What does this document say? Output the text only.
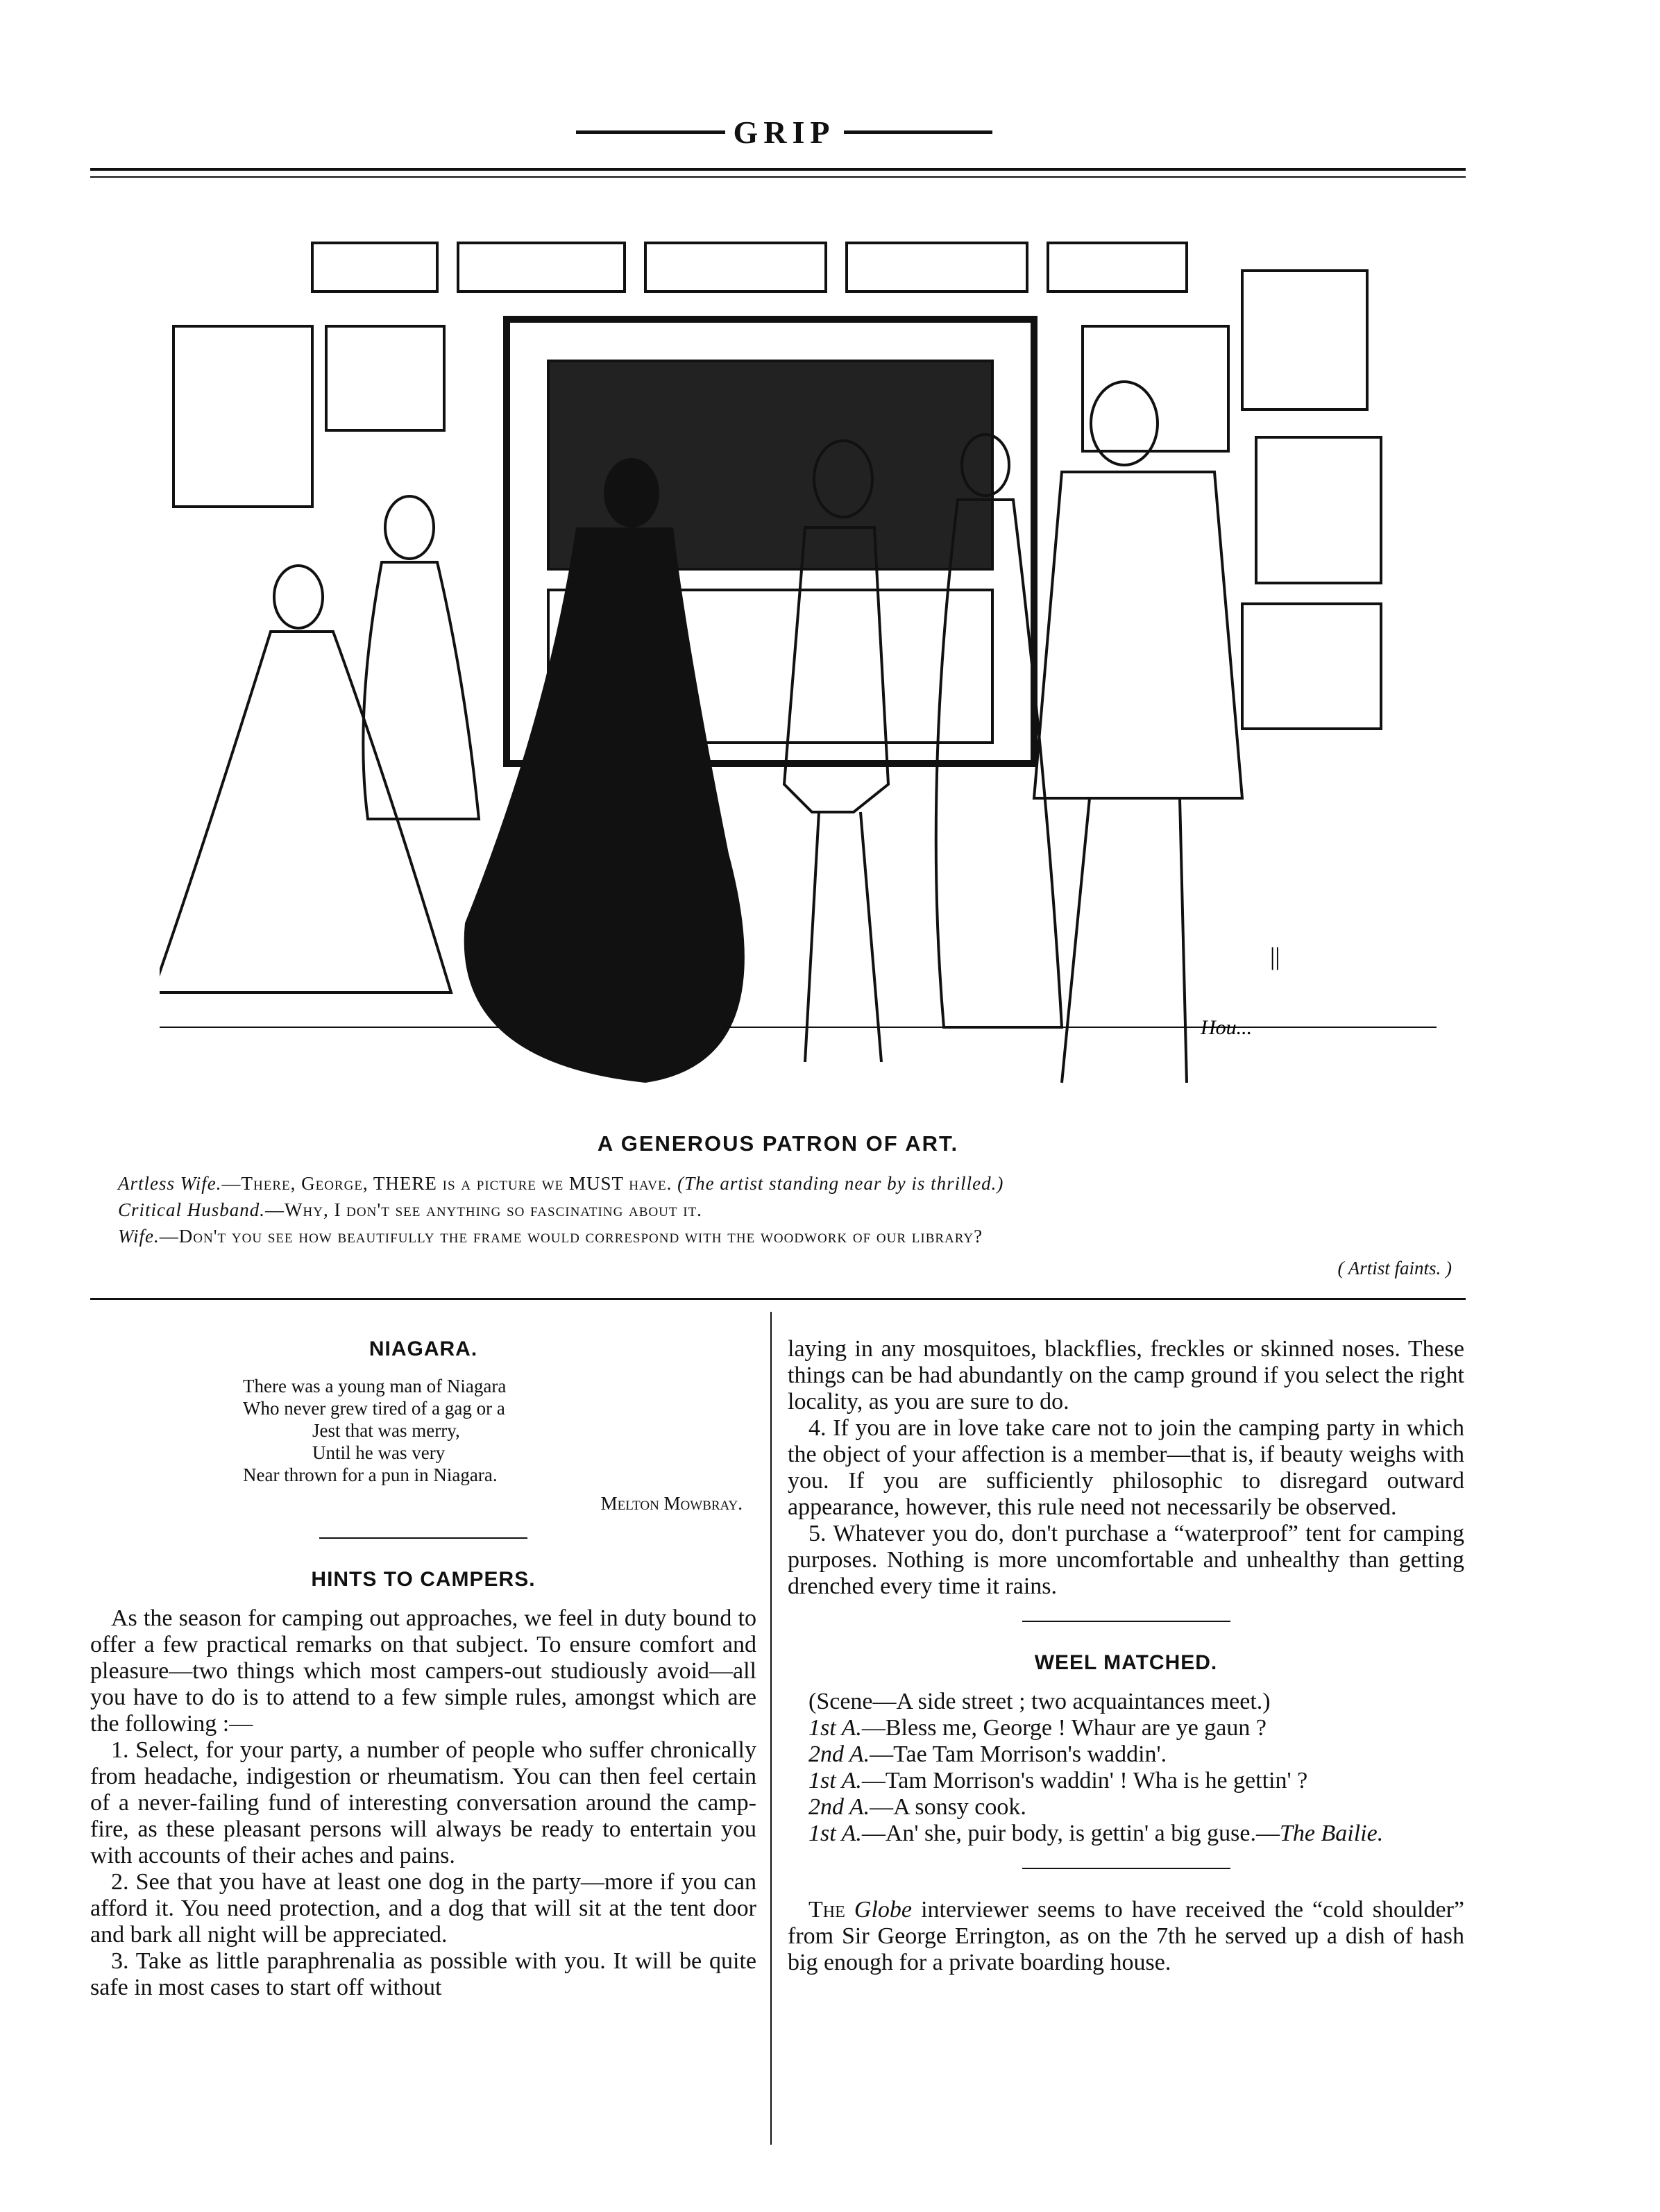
GRIP
Hou...
||
A GENEROUS PATRON OF ART.
Artless Wife.—There, George, THERE is a picture we MUST have. (The artist standing near by is thrilled.)
Critical Husband.—Why, I don't see anything so fascinating about it.
Wife.—Don't you see how beautifully the frame would correspond with the woodwork of our library?
( Artist faints. )
NIAGARA.
There was a young man of Niagara
Who never grew tired of a gag or a
Jest that was merry,
Until he was very
Near thrown for a pun in Niagara.
Melton Mowbray.
HINTS TO CAMPERS.

As the season for camping out approaches, we feel in duty bound to offer a few practical remarks on that subject. To ensure comfort and pleasure—two things which most campers-out studiously avoid—all you have to do is to attend to a few simple rules, amongst which are the following :—

1. Select, for your party, a number of people who suffer chronically from headache, indigestion or rheumatism. You can then feel certain of a never-failing fund of interesting conversation around the camp-fire, as these pleasant persons will always be ready to entertain you with accounts of their aches and pains.

2. See that you have at least one dog in the party—more if you can afford it. You need protection, and a dog that will sit at the tent door and bark all night will be appreciated.

3. Take as little paraphrenalia as possible with you. It will be quite safe in most cases to start off without

laying in any mosquitoes, blackflies, freckles or skinned noses. These things can be had abundantly on the camp ground if you select the right locality, as you are sure to do.

4. If you are in love take care not to join the camping party in which the object of your affection is a member—that is, if beauty weighs with you. If you are sufficiently philosophic to disregard outward appearance, however, this rule need not necessarily be observed.

5. Whatever you do, don't purchase a “waterproof” tent for camping purposes. Nothing is more uncomfortable and unhealthy than getting drenched every time it rains.

WEEL MATCHED.

(Scene—A side street ; two acquaintances meet.)

1st A.—Bless me, George ! Whaur are ye gaun ?

2nd A.—Tae Tam Morrison's waddin'.

1st A.—Tam Morrison's waddin' ! Wha is he gettin' ?

2nd A.—A sonsy cook.

1st A.—An' she, puir body, is gettin' a big guse.—The Bailie.

The Globe interviewer seems to have received the “cold shoulder” from Sir George Errington, as on the 7th he served up a dish of hash big enough for a private boarding house.
